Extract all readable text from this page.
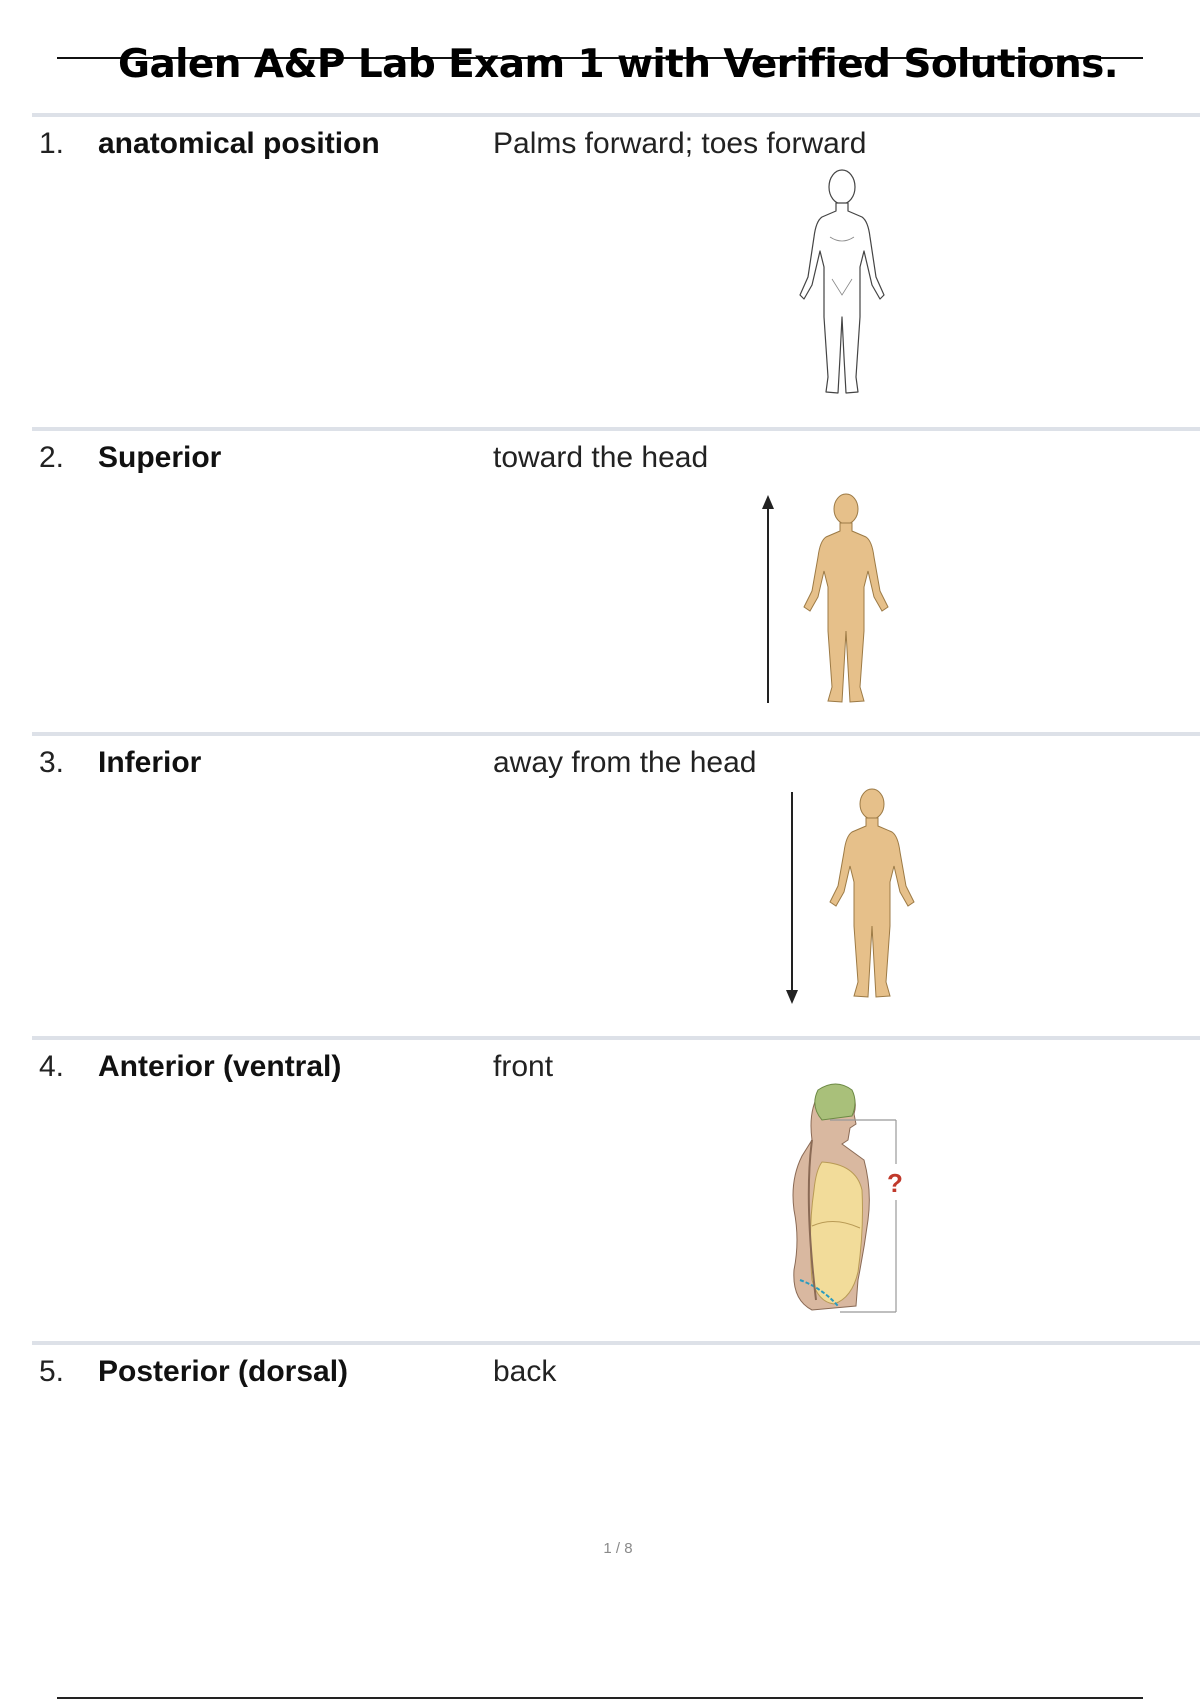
Galen A&P Lab Exam 1 with Verified Solutions.
1. anatomical position	Palms forward; toes forward
2. Superior	toward the head
3. Inferior	away from the head
4. Anterior (ventral)	front
?
5. Posterior (dorsal)	back
1 / 8
